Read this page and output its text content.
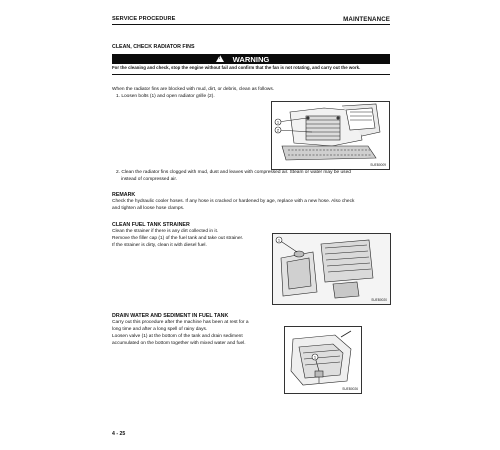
SERVICE PROCEDURE	MAINTENANCE
CLEAN, CHECK RADIATOR FINS
!	WARNING
For the cleaning and check, stop the engine without fail and confirm that the fan is not rotating, and carry out the work.
When the radiator fins are blocked with mud, dirt, or debris, clean as follows.
1. Loosen bolts (1) and open radiator grille (2).
1
2
SUEB0009
2. Clean the radiator fins clogged with mud, dust and leaves with compressed air. Steam or water may be used
instead of compressed air.
REMARK
Check the hydraulic cooler hoses. If any hose is cracked or hardened by age, replace with a new hose. Also check
and tighten all loose hose clamps.
CLEAN FUEL TANK STRAINER
Clean the strainer if there is any dirt collected in it.
Remove the filler cap (1) of the fuel tank and take out strainer.
If the strainer is dirty, clean it with diesel fuel.
1
SUEB0020
DRAIN WATER AND SEDIMENT IN FUEL TANK
Carry out this procedure after the machine has been at rest for a
long time and after a long spell of rainy days.
Loosen valve (1) at the bottom of the tank and drain sediment
accumulated on the bottom together with mixed water and fuel.
1
SUEB0026
4 - 25
